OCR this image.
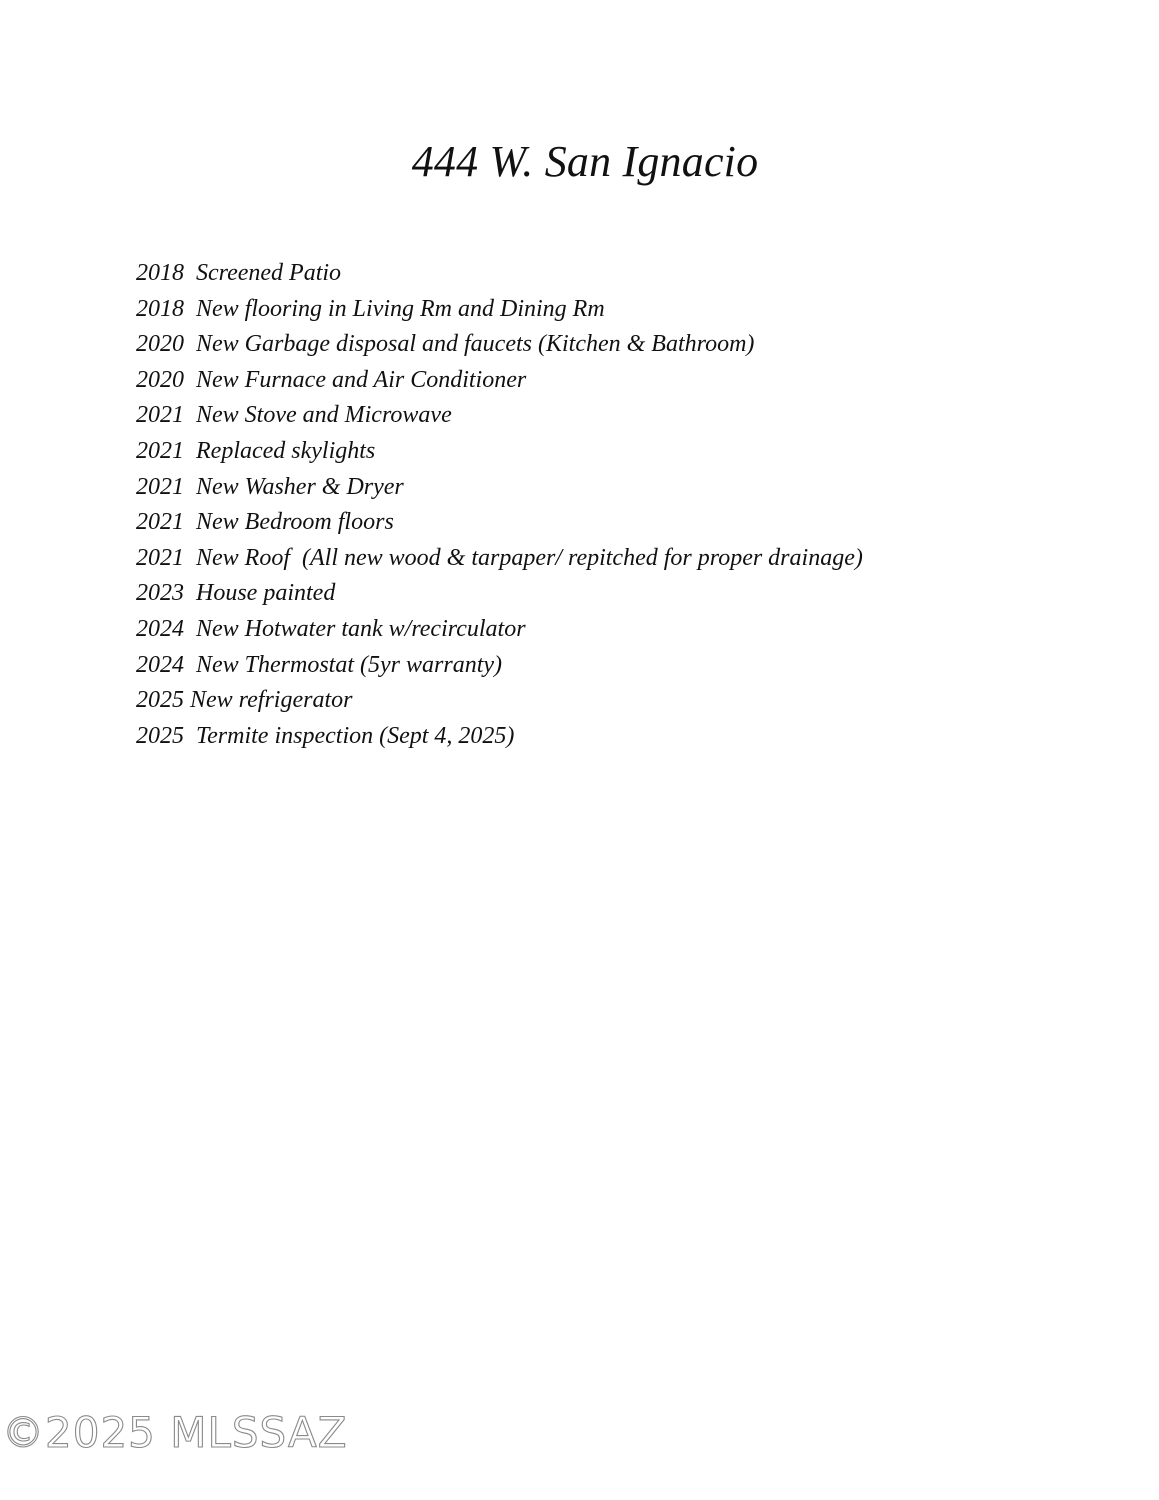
444 W. San Ignacio
2018  Screened Patio
2018  New flooring in Living Rm and Dining Rm
2020  New Garbage disposal and faucets (Kitchen & Bathroom)
2020  New Furnace and Air Conditioner
2021  New Stove and Microwave
2021  Replaced skylights
2021  New Washer & Dryer
2021  New Bedroom floors
2021  New Roof  (All new wood & tarpaper/ repitched for proper drainage)
2023  House painted
2024  New Hotwater tank w/recirculator
2024  New Thermostat (5yr warranty)
2025 New refrigerator
2025  Termite inspection (Sept 4, 2025)
©2025 MLSSAZ
